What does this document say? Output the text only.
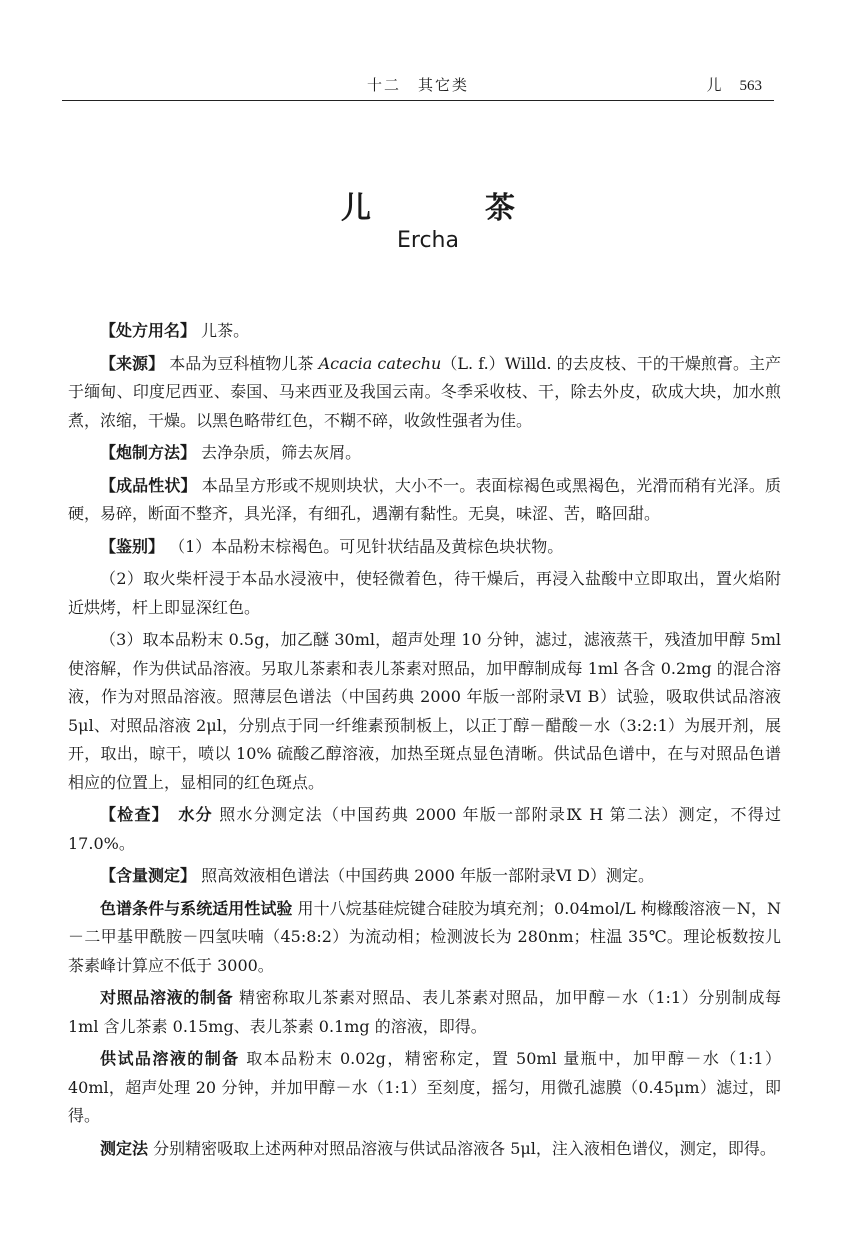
十二　其它类	儿 563
儿　茶
Ercha

【处方用名】 儿茶。

【来源】 本品为豆科植物儿茶 Acacia catechu（L. f.）Willd. 的去皮枝、干的干燥煎膏。主产于缅甸、印度尼西亚、泰国、马来西亚及我国云南。冬季采收枝、干，除去外皮，砍成大块，加水煎煮，浓缩，干燥。以黑色略带红色，不糊不碎，收敛性强者为佳。

【炮制方法】 去净杂质，筛去灰屑。

【成品性状】 本品呈方形或不规则块状，大小不一。表面棕褐色或黑褐色，光滑而稍有光泽。质硬，易碎，断面不整齐，具光泽，有细孔，遇潮有黏性。无臭，味涩、苦，略回甜。

【鉴别】 （1）本品粉末棕褐色。可见针状结晶及黄棕色块状物。

（2）取火柴杆浸于本品水浸液中，使轻微着色，待干燥后，再浸入盐酸中立即取出，置火焰附近烘烤，杆上即显深红色。

（3）取本品粉末 0.5g，加乙醚 30ml，超声处理 10 分钟，滤过，滤液蒸干，残渣加甲醇 5ml 使溶解，作为供试品溶液。另取儿茶素和表儿茶素对照品，加甲醇制成每 1ml 各含 0.2mg 的混合溶液，作为对照品溶液。照薄层色谱法（中国药典 2000 年版一部附录Ⅵ B）试验，吸取供试品溶液 5μl、对照品溶液 2μl，分别点于同一纤维素预制板上，以正丁醇－醋酸－水（3:2:1）为展开剂，展开，取出，晾干，喷以 10% 硫酸乙醇溶液，加热至斑点显色清晰。供试品色谱中，在与对照品色谱相应的位置上，显相同的红色斑点。

【检查】　水分 照水分测定法（中国药典 2000 年版一部附录Ⅸ H 第二法）测定，不得过 17.0%。

【含量测定】 照高效液相色谱法（中国药典 2000 年版一部附录Ⅵ D）测定。

色谱条件与系统适用性试验 用十八烷基硅烷键合硅胶为填充剂；0.04mol/L 枸橼酸溶液－N，N－二甲基甲酰胺－四氢呋喃（45:8:2）为流动相；检测波长为 280nm；柱温 35℃。理论板数按儿茶素峰计算应不低于 3000。

对照品溶液的制备 精密称取儿茶素对照品、表儿茶素对照品，加甲醇－水（1:1）分别制成每 1ml 含儿茶素 0.15mg、表儿茶素 0.1mg 的溶液，即得。

供试品溶液的制备 取本品粉末 0.02g，精密称定，置 50ml 量瓶中，加甲醇－水（1:1）40ml，超声处理 20 分钟，并加甲醇－水（1:1）至刻度，摇匀，用微孔滤膜（0.45μm）滤过，即得。

测定法 分别精密吸取上述两种对照品溶液与供试品溶液各 5μl，注入液相色谱仪，测定，即得。
